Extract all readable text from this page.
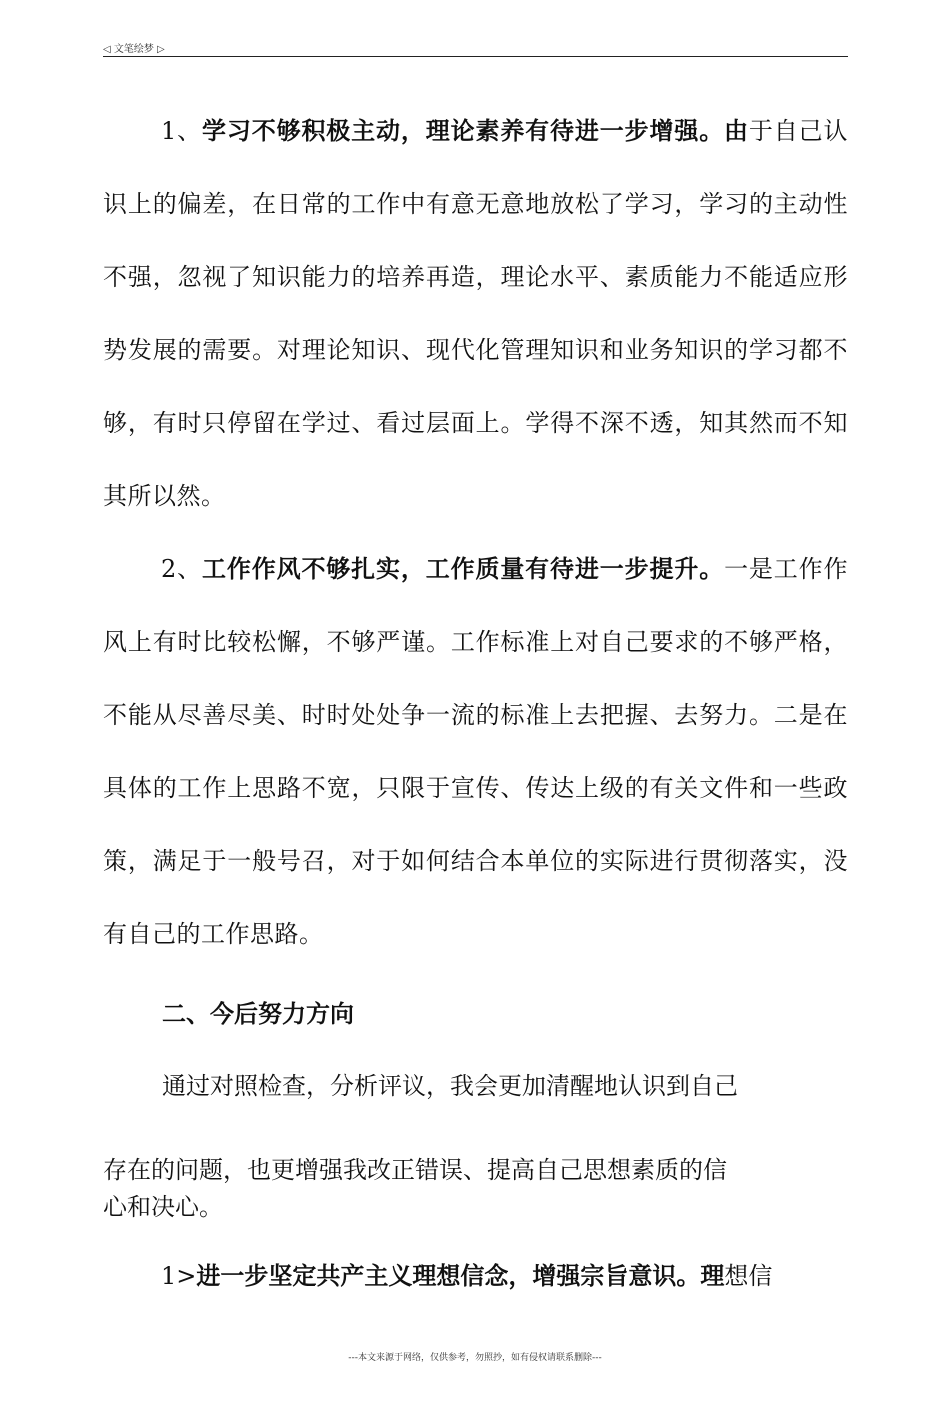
◁ 文笔绘梦 ▷

1、学习不够积极主动，理论素养有待进一步增强。由于自己认识上的偏差，在日常的工作中有意无意地放松了学习，学习的主动性不强，忽视了知识能力的培养再造，理论水平、素质能力不能适应形势发展的需要。对理论知识、现代化管理知识和业务知识的学习都不够，有时只停留在学过、看过层面上。学得不深不透，知其然而不知其所以然。

2、工作作风不够扎实，工作质量有待进一步提升。一是工作作风上有时比较松懈，不够严谨。工作标准上对自己要求的不够严格，不能从尽善尽美、时时处处争一流的标准上去把握、去努力。二是在具体的工作上思路不宽，只限于宣传、传达上级的有关文件和一些政策，满足于一般号召，对于如何结合本单位的实际进行贯彻落实，没有自己的工作思路。

二、今后努力方向
通过对照检查，分析评议，我会更加清醒地认识到自己
存在的问题，也更增强我改正错误、提高自己思想素质的信
心和决心。
1>进一步坚定共产主义理想信念，增强宗旨意识。理想信
---本文来源于网络，仅供参考，勿照抄，如有侵权请联系删除---
